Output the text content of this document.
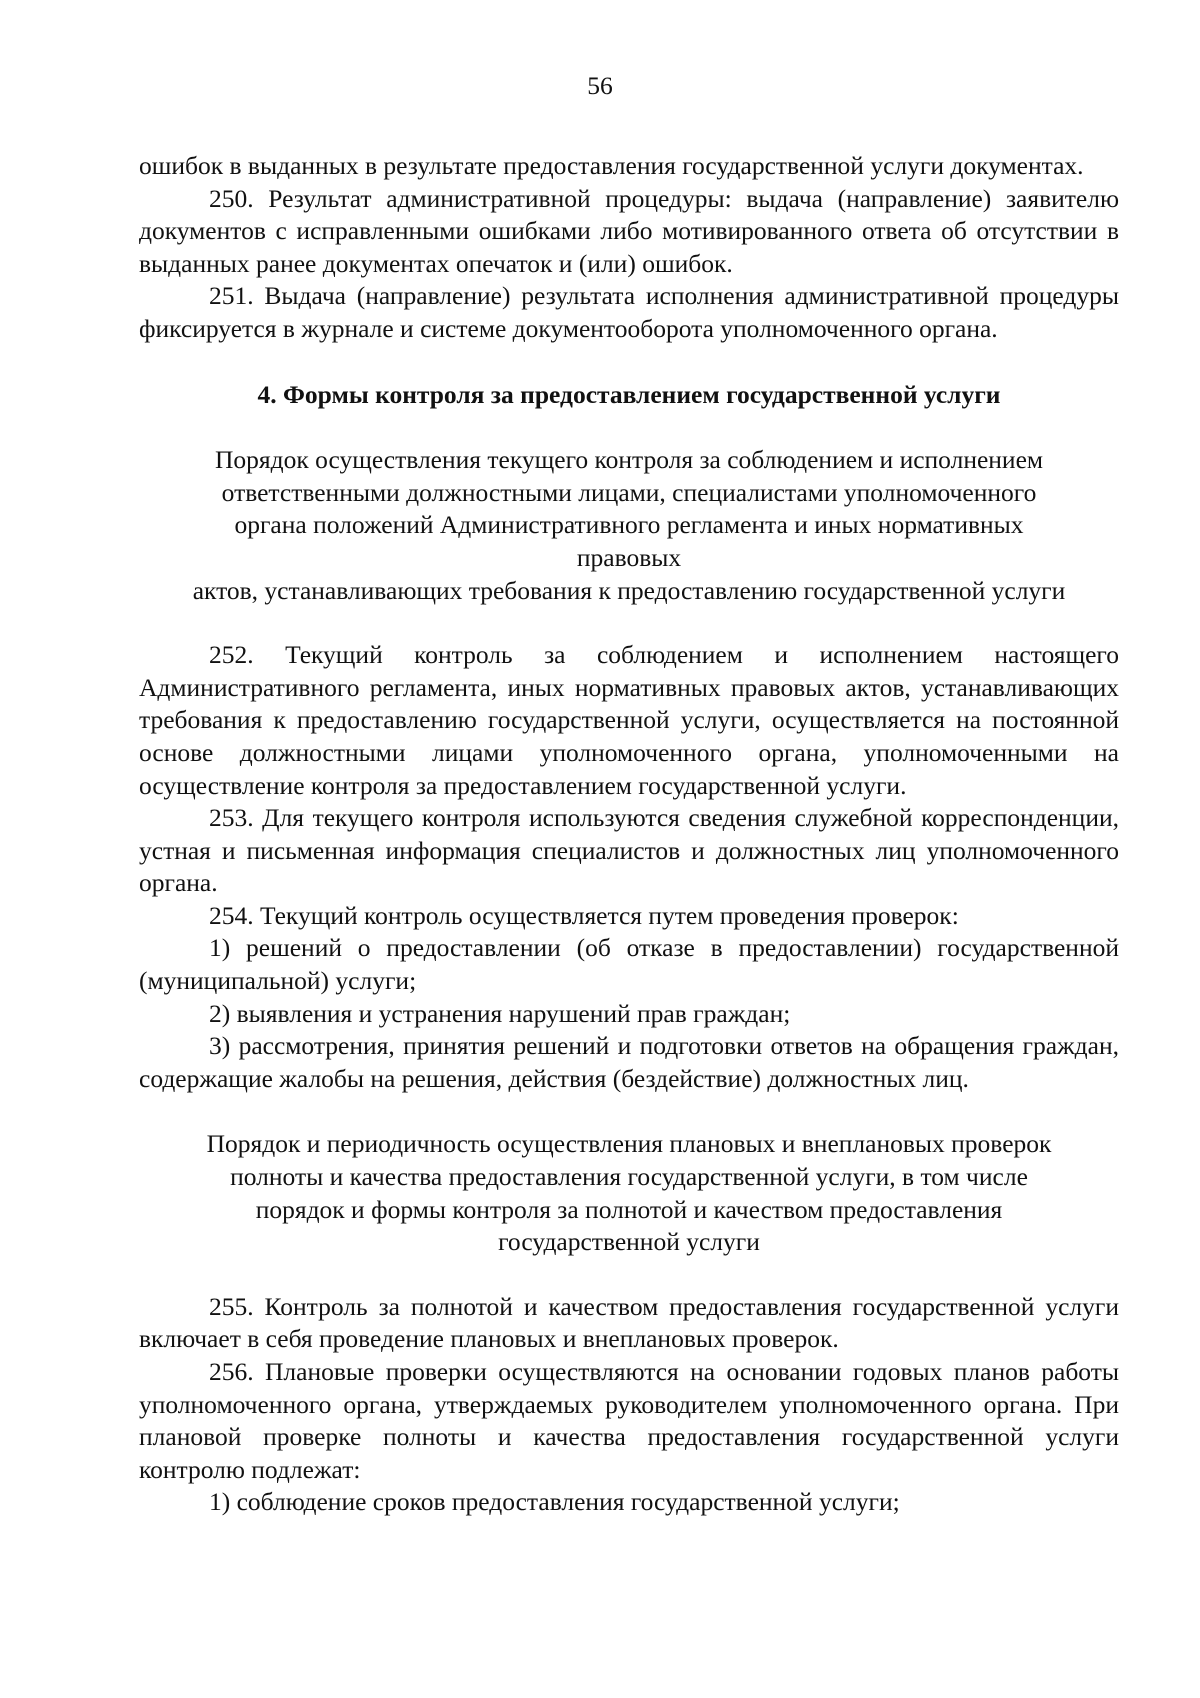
56

ошибок в выданных в результате предоставления государственной услуги документах.

250. Результат административной процедуры: выдача (направление) заявителю документов с исправленными ошибками либо мотивированного ответа об отсутствии в выданных ранее документах опечаток и (или) ошибок.

251. Выдача (направление) результата исполнения административной процедуры фиксируется в журнале и системе документооборота уполномоченного органа.

4. Формы контроля за предоставлением государственной услуги

Порядок осуществления текущего контроля за соблюдением и исполнением

ответственными должностными лицами, специалистами уполномоченного

органа положений Административного регламента и иных нормативных

правовых

актов, устанавливающих требования к предоставлению государственной услуги

252. Текущий контроль за соблюдением и исполнением настоящего Административного регламента, иных нормативных правовых актов, устанавливающих требования к предоставлению государственной услуги, осуществляется на постоянной основе должностными лицами уполномоченного органа, уполномоченными на осуществление контроля за предоставлением государственной услуги.

253. Для текущего контроля используются сведения служебной корреспонденции, устная и письменная информация специалистов и должностных лиц уполномоченного органа.

254. Текущий контроль осуществляется путем проведения проверок:

1) решений о предоставлении (об отказе в предоставлении) государственной (муниципальной) услуги;

2) выявления и устранения нарушений прав граждан;

3) рассмотрения, принятия решений и подготовки ответов на обращения граждан, содержащие жалобы на решения, действия (бездействие) должностных лиц.

Порядок и периодичность осуществления плановых и внеплановых проверок

полноты и качества предоставления государственной услуги, в том числе

порядок и формы контроля за полнотой и качеством предоставления

государственной услуги

255. Контроль за полнотой и качеством предоставления государственной услуги включает в себя проведение плановых и внеплановых проверок.

256. Плановые проверки осуществляются на основании годовых планов работы уполномоченного органа, утверждаемых руководителем уполномоченного органа. При плановой проверке полноты и качества предоставления государственной услуги контролю подлежат:

1) соблюдение сроков предоставления государственной услуги;
